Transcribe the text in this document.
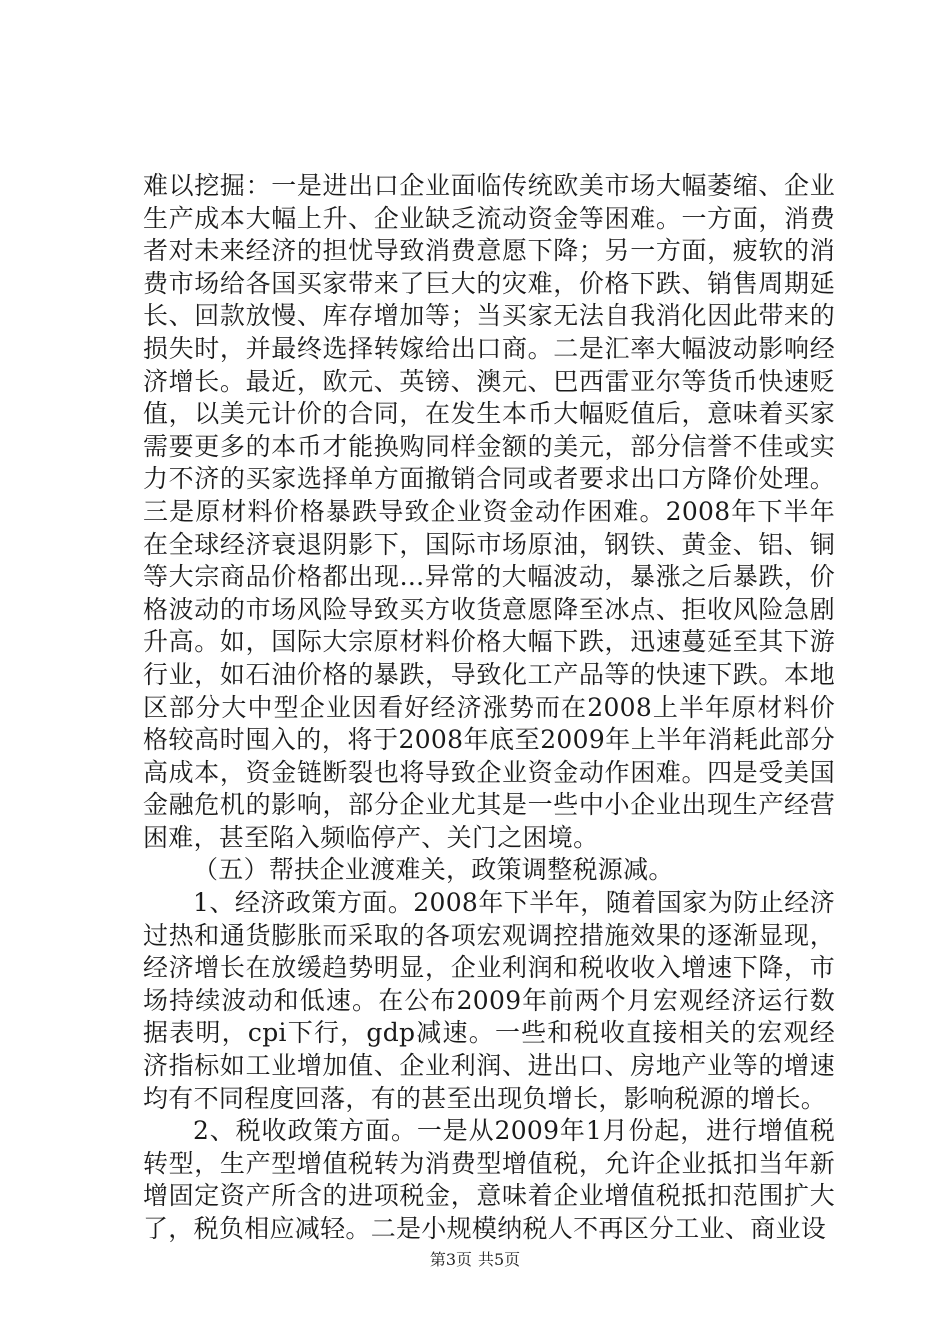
难以挖掘：一是进出口企业面临传统欧美市场大幅萎缩、企业生产成本大幅上升、企业缺乏流动资金等困难。一方面，消费者对未来经济的担忧导致消费意愿下降；另一方面，疲软的消费市场给各国买家带来了巨大的灾难，价格下跌、销售周期延长、回款放慢、库存增加等；当买家无法自我消化因此带来的损失时，并最终选择转嫁给出口商。二是汇率大幅波动影响经济增长。最近，欧元、英镑、澳元、巴西雷亚尔等货币快速贬值，以美元计价的合同，在发生本币大幅贬值后，意味着买家需要更多的本币才能换购同样金额的美元，部分信誉不佳或实力不济的买家选择单方面撤销合同或者要求出口方降价处理。三是原材料价格暴跌导致企业资金动作困难。2008年下半年在全球经济衰退阴影下，国际市场原油，钢铁、黄金、铝、铜等大宗商品价格都出现...异常的大幅波动，暴涨之后暴跌，价格波动的市场风险导致买方收货意愿降至冰点、拒收风险急剧升高。如，国际大宗原材料价格大幅下跌，迅速蔓延至其下游行业，如石油价格的暴跌，导致化工产品等的快速下跌。本地区部分大中型企业因看好经济涨势而在2008上半年原材料价格较高时囤入的，将于2008年底至2009年上半年消耗此部分高成本，资金链断裂也将导致企业资金动作困难。四是受美国金融危机的影响，部分企业尤其是一些中小企业出现生产经营困难，甚至陷入频临停产、关门之困境。

（五）帮扶企业渡难关，政策调整税源减。

1、经济政策方面。2008年下半年，随着国家为防止经济过热和通货膨胀而采取的各项宏观调控措施效果的逐渐显现，经济增长在放缓趋势明显，企业利润和税收收入增速下降，市场持续波动和低速。在公布2009年前两个月宏观经济运行数据表明，cpi下行，gdp减速。一些和税收直接相关的宏观经济指标如工业增加值、企业利润、进出口、房地产业等的增速均有不同程度回落，有的甚至出现负增长，影响税源的增长。

2、税收政策方面。一是从2009年1月份起，进行增值税转型，生产型增值税转为消费型增值税，允许企业抵扣当年新增固定资产所含的进项税金，意味着企业增值税抵扣范围扩大了，税负相应减轻。二是小规模纳税人不再区分工业、商业设

第3页 共5页
